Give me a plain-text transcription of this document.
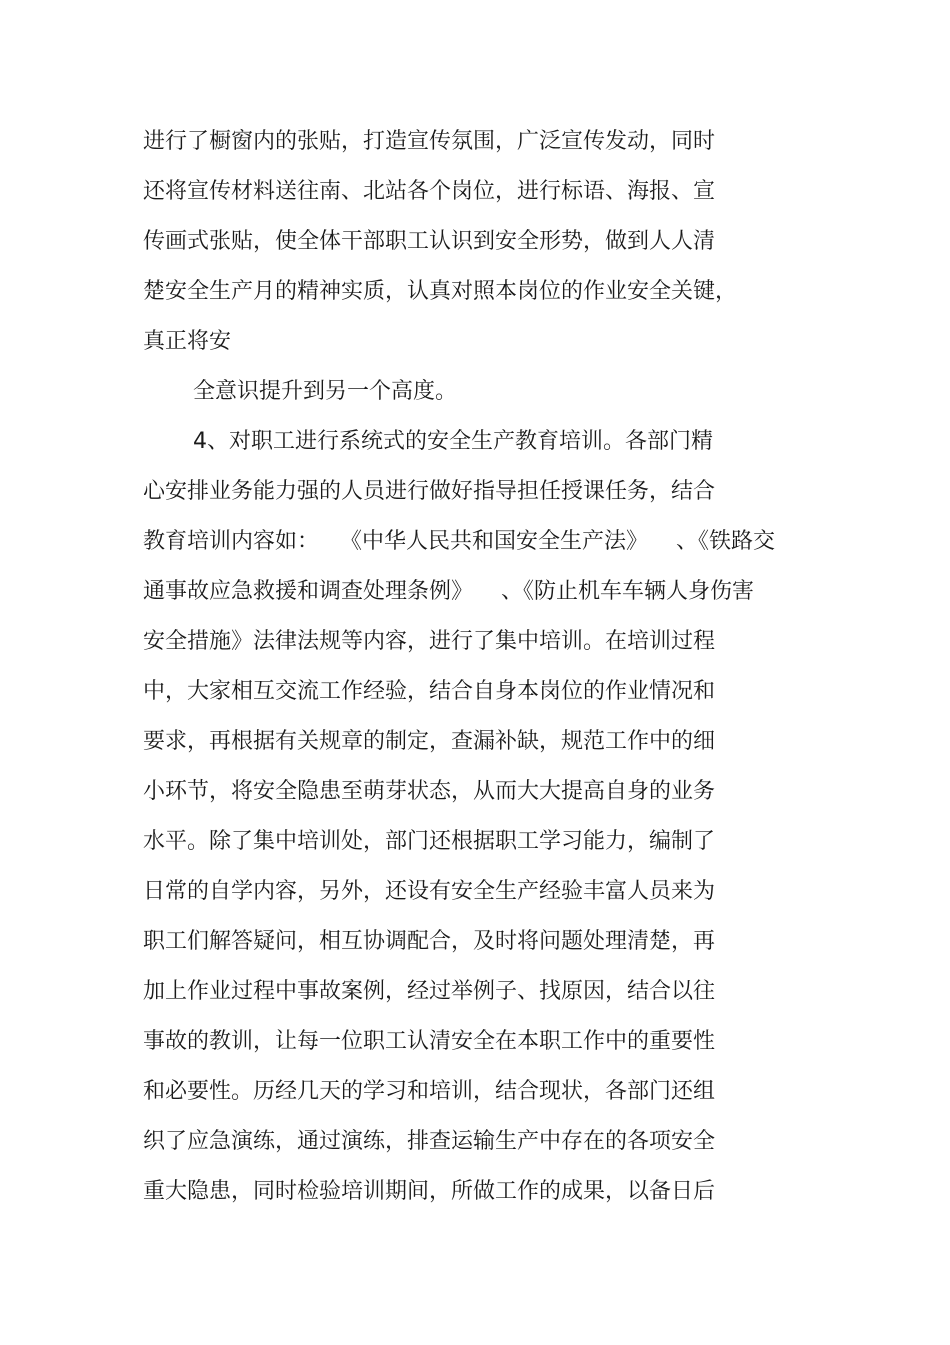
进行了橱窗内的张贴，打造宣传氛围，广泛宣传发动，同时

还将宣传材料送往南、北站各个岗位，进行标语、海报、宣

传画式张贴，使全体干部职工认识到安全形势，做到人人清

楚安全生产月的精神实质，认真对照本岗位的作业安全关键，

真正将安

全意识提升到另一个高度。

4、对职工进行系统式的安全生产教育培训。各部门精

心安排业务能力强的人员进行做好指导担任授课任务，结合

教育培训内容如：   《中华人民共和国安全生产法》    、《铁路交

通事故应急救援和调查处理条例》    、《防止机车车辆人身伤害

安全措施》法律法规等内容，进行了集中培训。在培训过程

中，大家相互交流工作经验，结合自身本岗位的作业情况和

要求，再根据有关规章的制定，查漏补缺，规范工作中的细

小环节，将安全隐患至萌芽状态，从而大大提高自身的业务

水平。除了集中培训处，部门还根据职工学习能力，编制了

日常的自学内容，另外，还设有安全生产经验丰富人员来为

职工们解答疑问，相互协调配合，及时将问题处理清楚，再

加上作业过程中事故案例，经过举例子、找原因，结合以往

事故的教训，让每一位职工认清安全在本职工作中的重要性

和必要性。历经几天的学习和培训，结合现状，各部门还组

织了应急演练，通过演练，排查运输生产中存在的各项安全

重大隐患，同时检验培训期间，所做工作的成果，以备日后
